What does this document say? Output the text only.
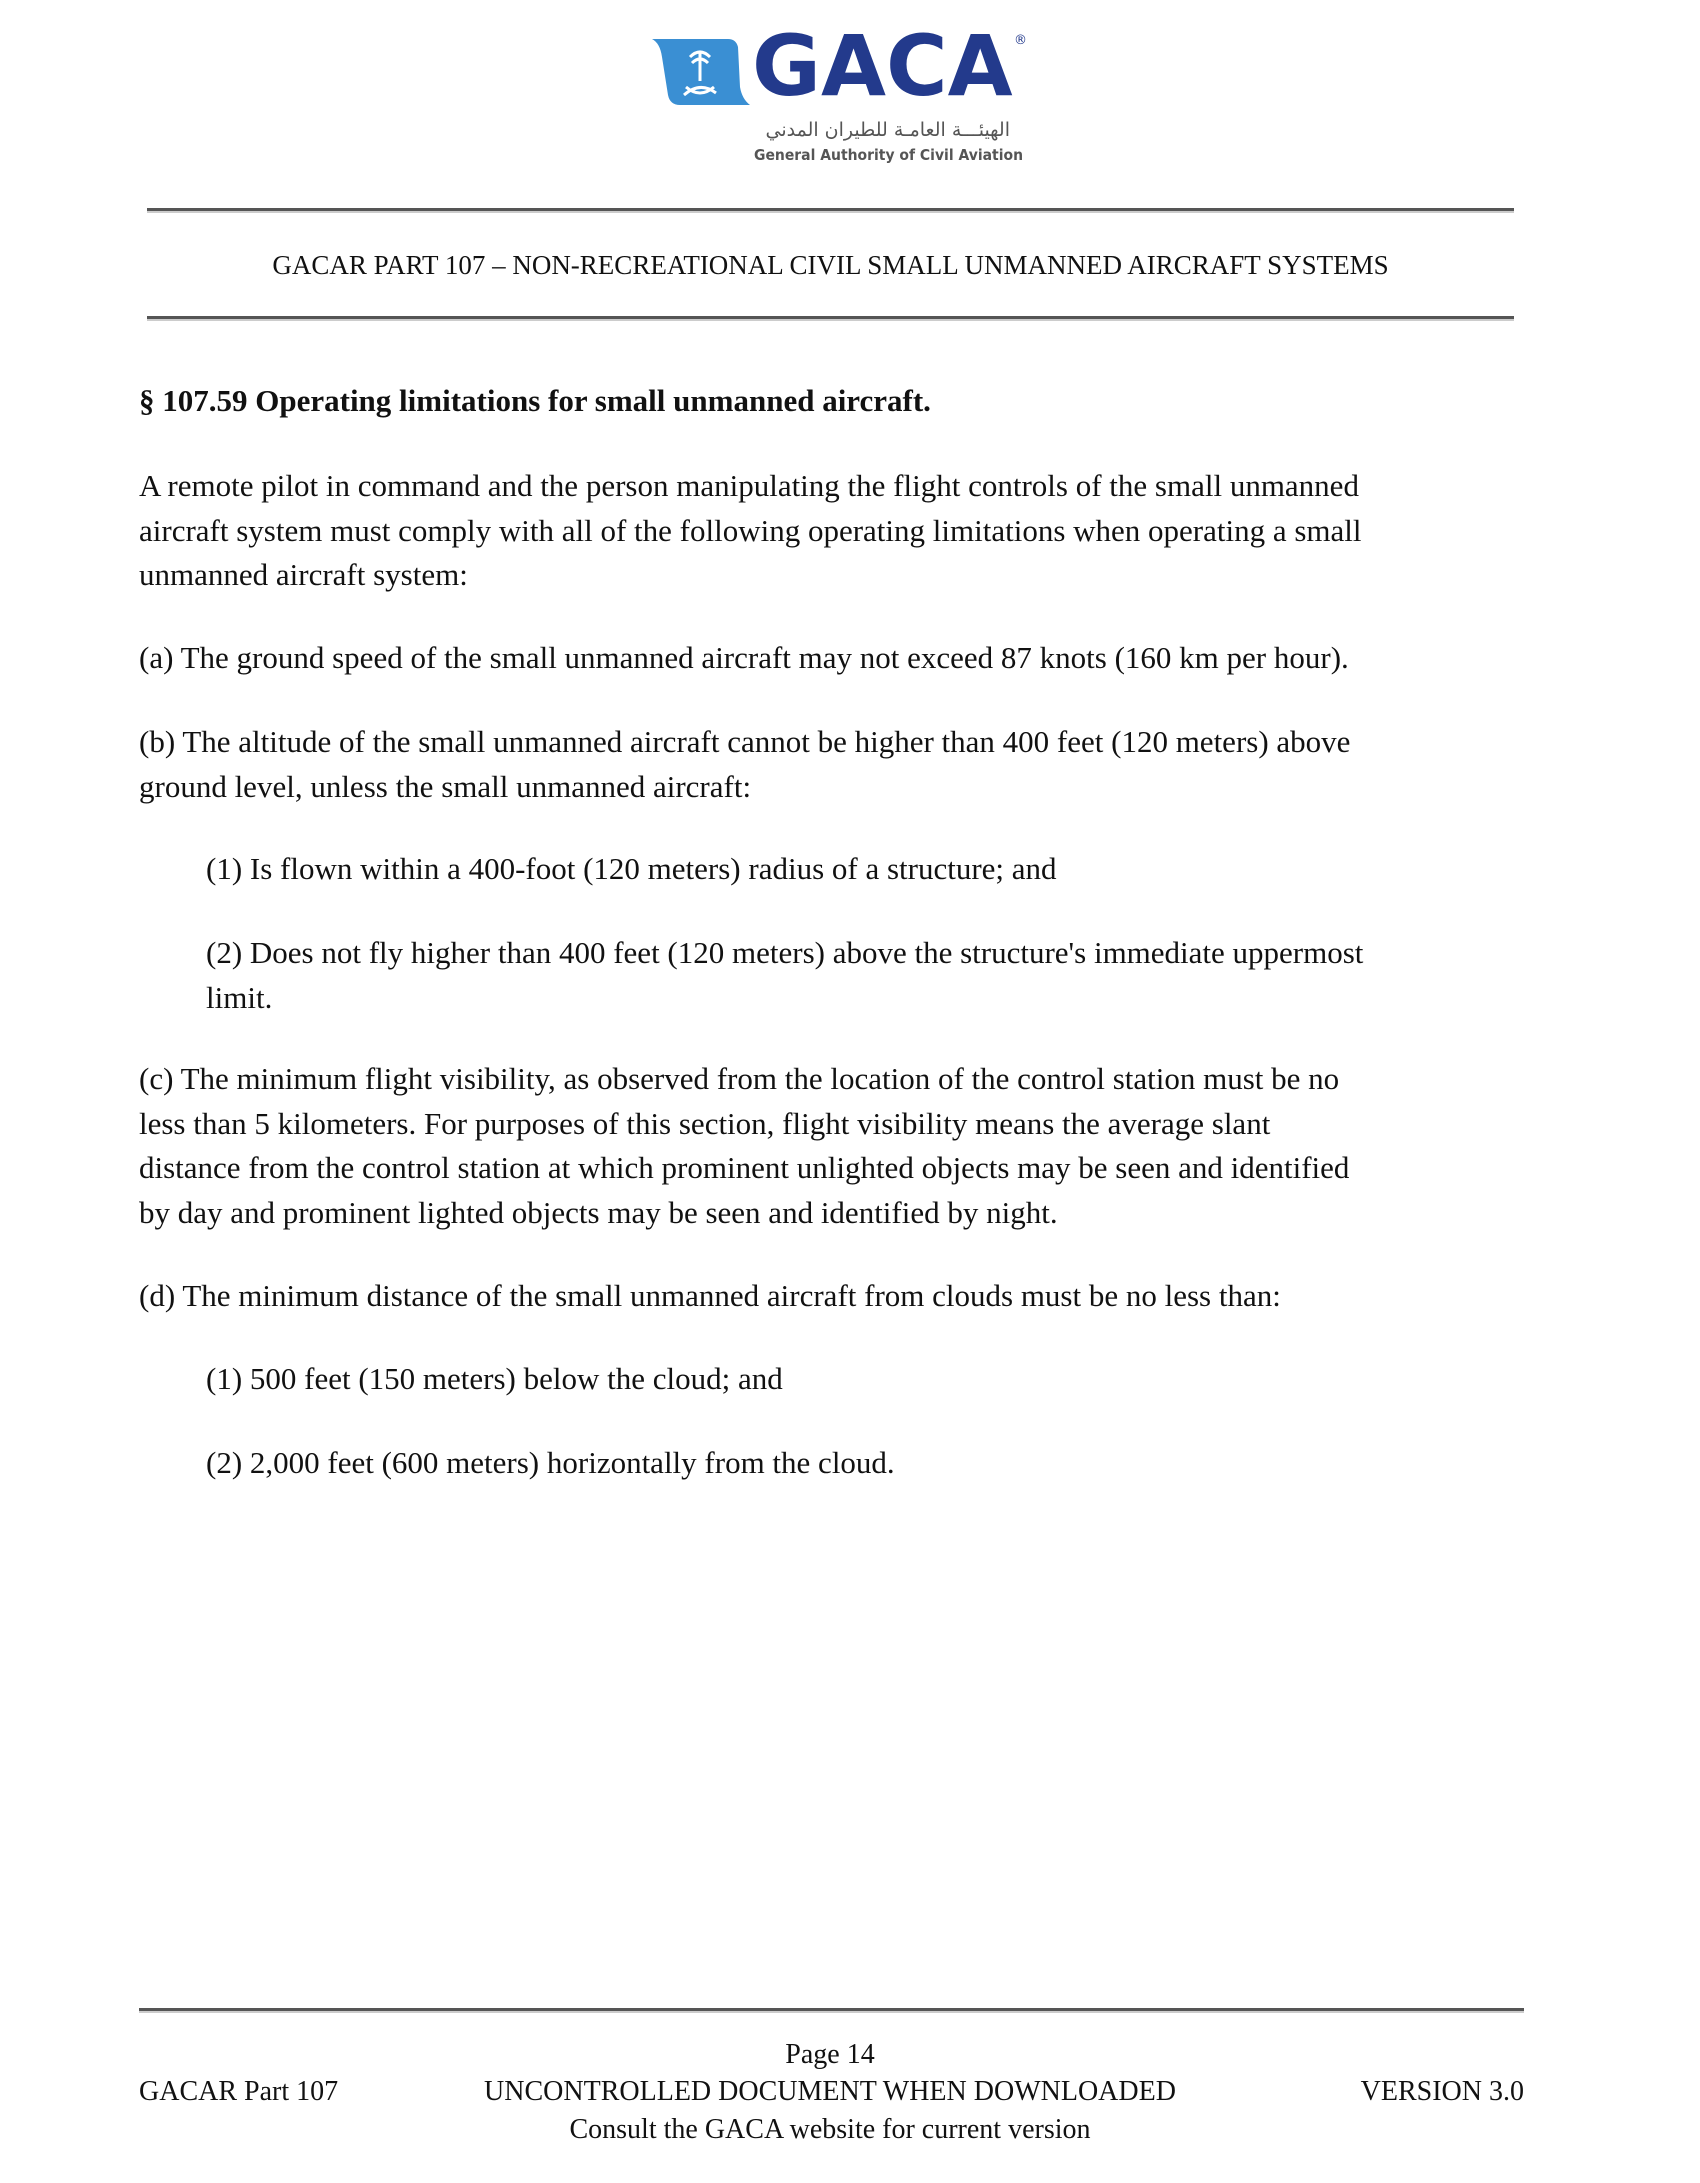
GACA ®
الهيئـــة العامـة للطيران المدني
General Authority of Civil Aviation
GACAR PART 107 – NON-RECREATIONAL CIVIL SMALL UNMANNED AIRCRAFT SYSTEMS
§ 107.59 Operating limitations for small unmanned aircraft.
A remote pilot in command and the person manipulating the flight controls of the small unmanned
aircraft system must comply with all of the following operating limitations when operating a small
unmanned aircraft system:
(a) The ground speed of the small unmanned aircraft may not exceed 87 knots (160 km per hour).
(b) The altitude of the small unmanned aircraft cannot be higher than 400 feet (120 meters) above
ground level, unless the small unmanned aircraft:
(1) Is flown within a 400-foot (120 meters) radius of a structure; and
(2) Does not fly higher than 400 feet (120 meters) above the structure's immediate uppermost
limit.
(c) The minimum flight visibility, as observed from the location of the control station must be no
less than 5 kilometers. For purposes of this section, flight visibility means the average slant
distance from the control station at which prominent unlighted objects may be seen and identified
by day and prominent lighted objects may be seen and identified by night.
(d) The minimum distance of the small unmanned aircraft from clouds must be no less than:
(1) 500 feet (150 meters) below the cloud; and
(2) 2,000 feet (600 meters) horizontally from the cloud.
Page 14
GACAR Part 107	UNCONTROLLED DOCUMENT WHEN DOWNLOADED	VERSION 3.0
Consult the GACA website for current version
